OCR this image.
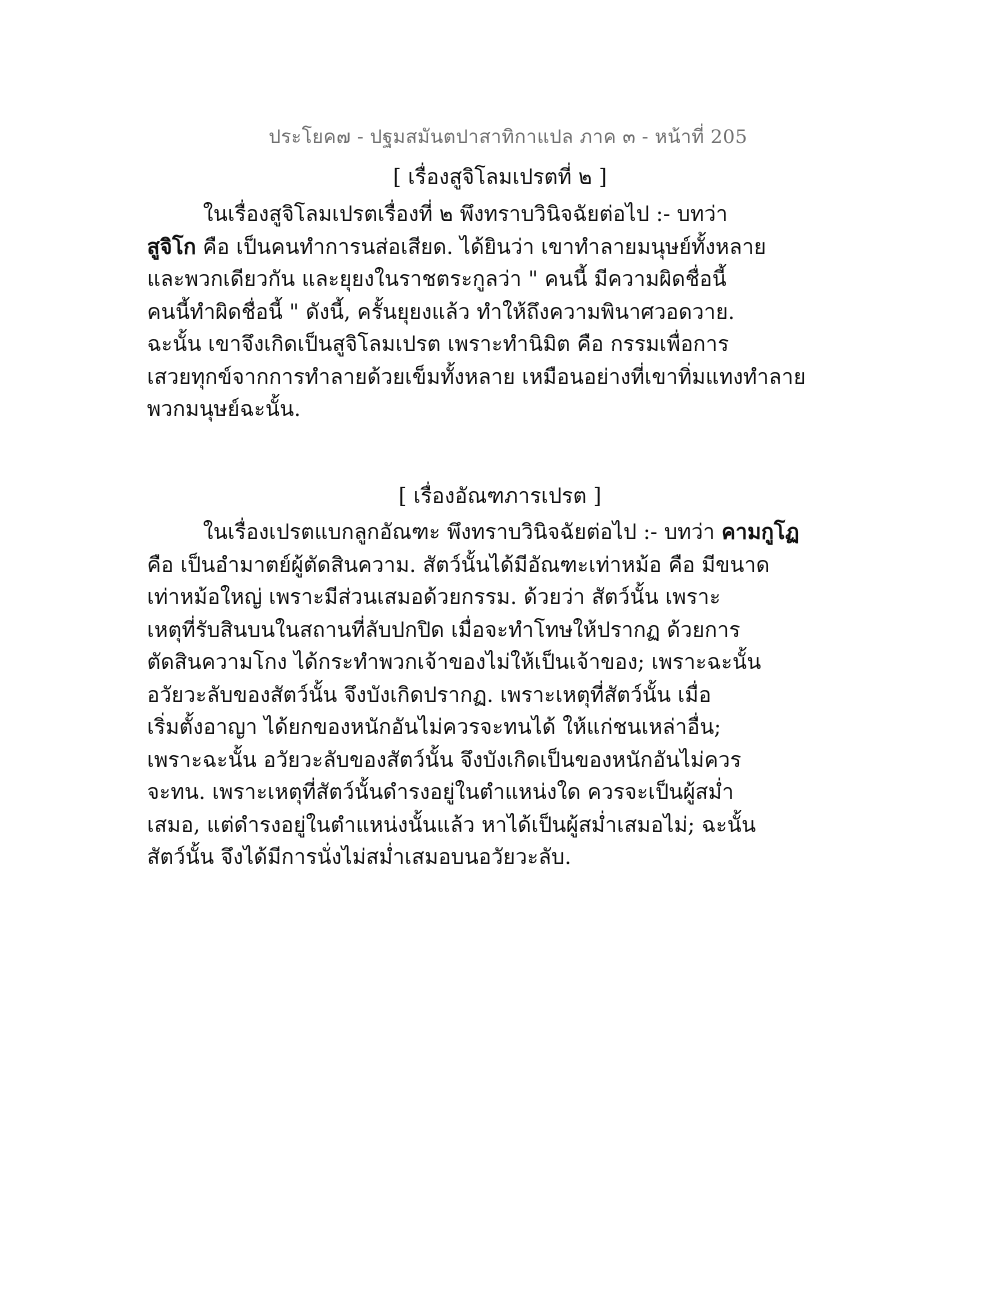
ประโยค๗ - ปฐมสมันตปาสาทิกาแปล ภาค ๓ - หน้าที่ 205
[ เรื่องสูจิโลมเปรตที่ ๒ ]
ในเรื่องสูจิโลมเปรตเรื่องที่ ๒ พึงทราบวินิจฉัยต่อไป :- บทว่า
สูจิโก คือ เป็นคนทำการนส่อเสียด. ได้ยินว่า เขาทำลายมนุษย์ทั้งหลาย
และพวกเดียวกัน และยุยงในราชตระกูลว่า " คนนี้ มีความผิดชื่อนี้
คนนี้ทำผิดชื่อนี้ " ดังนี้, ครั้นยุยงแล้ว ทำให้ถึงความพินาศวอดวาย.
ฉะนั้น เขาจึงเกิดเป็นสูจิโลมเปรต เพราะทำนิมิต คือ กรรมเพื่อการ
เสวยทุกข์จากการทำลายด้วยเข็มทั้งหลาย เหมือนอย่างที่เขาทิ่มแทงทำลาย
พวกมนุษย์ฉะนั้น.
[ เรื่องอัณฑภารเปรต ]
ในเรื่องเปรตแบกลูกอัณฑะ พึงทราบวินิจฉัยต่อไป :- บทว่า คามกูโฏ
คือ เป็นอำมาตย์ผู้ตัดสินความ. สัตว์นั้นได้มีอัณฑะเท่าหม้อ คือ มีขนาด
เท่าหม้อใหญ่ เพราะมีส่วนเสมอด้วยกรรม. ด้วยว่า สัตว์นั้น เพราะ
เหตุที่รับสินบนในสถานที่ลับปกปิด เมื่อจะทำโทษให้ปรากฏ ด้วยการ
ตัดสินความโกง ได้กระทำพวกเจ้าของไม่ให้เป็นเจ้าของ; เพราะฉะนั้น
อวัยวะลับของสัตว์นั้น จึงบังเกิดปรากฏ. เพราะเหตุที่สัตว์นั้น เมื่อ
เริ่มตั้งอาญา ได้ยกของหนักอันไม่ควรจะทนได้ ให้แก่ชนเหล่าอื่น;
เพราะฉะนั้น อวัยวะลับของสัตว์นั้น จึงบังเกิดเป็นของหนักอันไม่ควร
จะทน. เพราะเหตุที่สัตว์นั้นดำรงอยู่ในตำแหน่งใด ควรจะเป็นผู้สม่ำ
เสมอ, แต่ดำรงอยู่ในตำแหน่งนั้นแล้ว หาได้เป็นผู้สม่ำเสมอไม่; ฉะนั้น
สัตว์นั้น จึงได้มีการนั่งไม่สม่ำเสมอบนอวัยวะลับ.
